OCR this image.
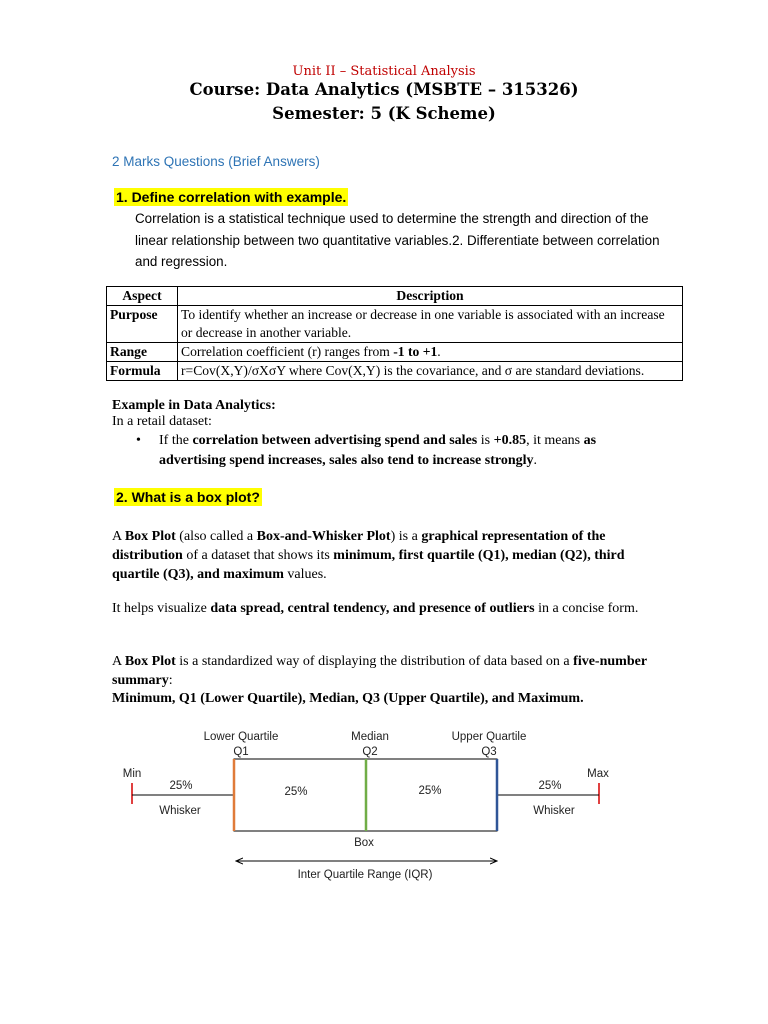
Unit II – Statistical Analysis
Course: Data Analytics (MSBTE – 315326)
Semester: 5 (K Scheme)
2 Marks Questions (Brief Answers)
1. Define correlation with example.
Correlation is a statistical technique used to determine the strength and direction of the linear relationship between two quantitative variables.2. Differentiate between correlation and regression.
Aspect	Description
Purpose	To identify whether an increase or decrease in one variable is associated with an increase or decrease in another variable.
Range	Correlation coefficient (r) ranges from -1 to +1.
Formula	r=Cov(X,Y)/σXσY where Cov(X,Y) is the covariance, and σ are standard deviations.
Example in Data Analytics:
In a retail dataset:
• If the correlation between advertising spend and sales is +0.85, it means as advertising spend increases, sales also tend to increase strongly.
2. What is a box plot?
A Box Plot (also called a Box-and-Whisker Plot) is a graphical representation of the distribution of a dataset that shows its minimum, first quartile (Q1), median (Q2), third quartile (Q3), and maximum values.
It helps visualize data spread, central tendency, and presence of outliers in a concise form.
A Box Plot is a standardized way of displaying the distribution of data based on a five-number summary:
Minimum, Q1 (Lower Quartile), Median, Q3 (Upper Quartile), and Maximum.
Lower Quartile
Q1
Median
Q2
Upper Quartile
Q3
Min	Max
25%
Whisker
25%	25%	25%
Whisker
Box
Inter Quartile Range (IQR)
